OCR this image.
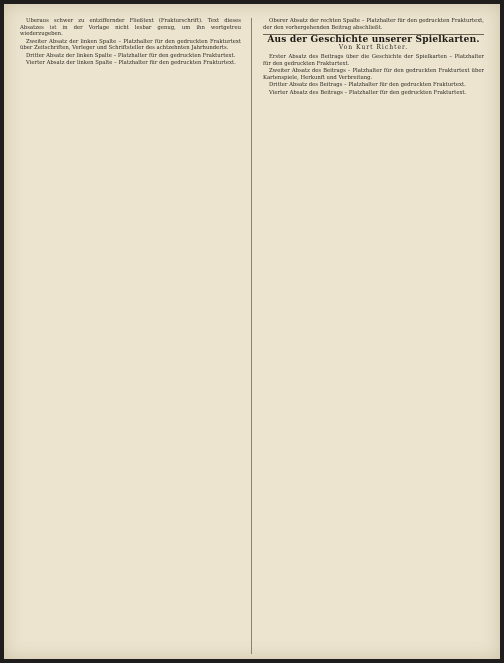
Überaus schwer zu entziffernder Fließtext (Frakturschrift). Text dieses Absatzes ist in der Vorlage nicht lesbar genug, um ihn wortgetreu wiederzugeben.

Zweiter Absatz der linken Spalte – Platzhalter für den gedruckten Frakturtext über Zeitschriften, Verleger und Schriftsteller des achtzehnten Jahrhunderts.

Dritter Absatz der linken Spalte – Platzhalter für den gedruckten Frakturtext.

Vierter Absatz der linken Spalte – Platzhalter für den gedruckten Frakturtext.

Oberer Absatz der rechten Spalte – Platzhalter für den gedruckten Frakturtext, der den vorhergehenden Beitrag abschließt.

Aus der Geschichte unserer Spielkarten.
Von Kurt Richter.

Erster Absatz des Beitrags über die Geschichte der Spielkarten – Platzhalter für den gedruckten Frakturtext.

Zweiter Absatz des Beitrags – Platzhalter für den gedruckten Frakturtext über Kartenspiele, Herkunft und Verbreitung.

Dritter Absatz des Beitrags – Platzhalter für den gedruckten Frakturtext.

Vierter Absatz des Beitrags – Platzhalter für den gedruckten Frakturtext.
